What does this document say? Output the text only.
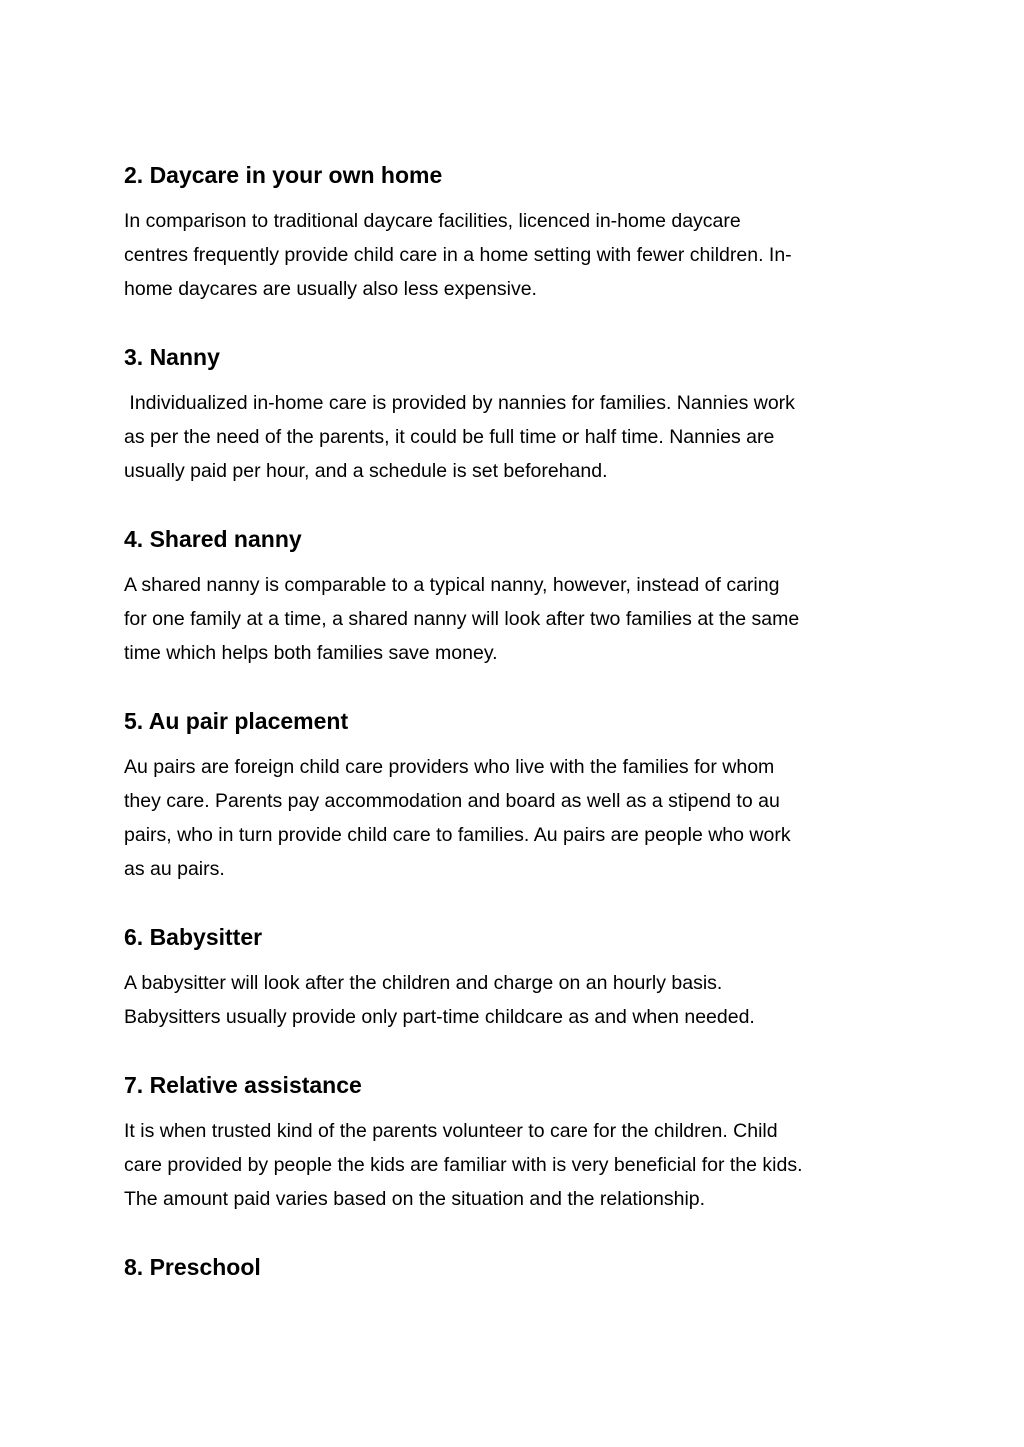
2. Daycare in your own home

In comparison to traditional daycare facilities, licenced in-home daycare
centres frequently provide child care in a home setting with fewer children. In-
home daycares are usually also less expensive.

3. Nanny

Individualized in-home care is provided by nannies for families. Nannies work
as per the need of the parents, it could be full time or half time. Nannies are
usually paid per hour, and a schedule is set beforehand.

4. Shared nanny

A shared nanny is comparable to a typical nanny, however, instead of caring
for one family at a time, a shared nanny will look after two families at the same
time which helps both families save money.

5. Au pair placement

Au pairs are foreign child care providers who live with the families for whom
they care. Parents pay accommodation and board as well as a stipend to au
pairs, who in turn provide child care to families. Au pairs are people who work
as au pairs.

6. Babysitter

A babysitter will look after the children and charge on an hourly basis.
Babysitters usually provide only part-time childcare as and when needed.

7. Relative assistance

It is when trusted kind of the parents volunteer to care for the children. Child
care provided by people the kids are familiar with is very beneficial for the kids.
The amount paid varies based on the situation and the relationship.

8. Preschool
